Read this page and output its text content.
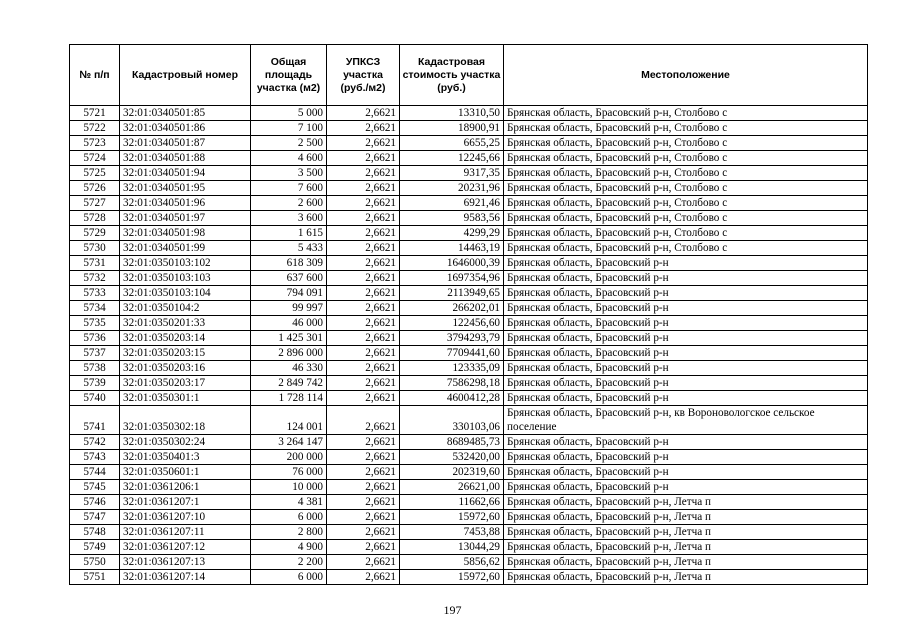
№ п/п	Кадастровый номер	Общая площадь участка (м2)	УПКСЗ участка (руб./м2)	Кадастровая стоимость участка (руб.)	Местоположение
5721	32:01:0340501:85	5 000	2,6621	13310,50	Брянская область, Брасовский р-н, Столбово с
5722	32:01:0340501:86	7 100	2,6621	18900,91	Брянская область, Брасовский р-н, Столбово с
5723	32:01:0340501:87	2 500	2,6621	6655,25	Брянская область, Брасовский р-н, Столбово с
5724	32:01:0340501:88	4 600	2,6621	12245,66	Брянская область, Брасовский р-н, Столбово с
5725	32:01:0340501:94	3 500	2,6621	9317,35	Брянская область, Брасовский р-н, Столбово с
5726	32:01:0340501:95	7 600	2,6621	20231,96	Брянская область, Брасовский р-н, Столбово с
5727	32:01:0340501:96	2 600	2,6621	6921,46	Брянская область, Брасовский р-н, Столбово с
5728	32:01:0340501:97	3 600	2,6621	9583,56	Брянская область, Брасовский р-н, Столбово с
5729	32:01:0340501:98	1 615	2,6621	4299,29	Брянская область, Брасовский р-н, Столбово с
5730	32:01:0340501:99	5 433	2,6621	14463,19	Брянская область, Брасовский р-н, Столбово с
5731	32:01:0350103:102	618 309	2,6621	1646000,39	Брянская область, Брасовский р-н
5732	32:01:0350103:103	637 600	2,6621	1697354,96	Брянская область, Брасовский р-н
5733	32:01:0350103:104	794 091	2,6621	2113949,65	Брянская область, Брасовский р-н
5734	32:01:0350104:2	99 997	2,6621	266202,01	Брянская область, Брасовский р-н
5735	32:01:0350201:33	46 000	2,6621	122456,60	Брянская область, Брасовский р-н
5736	32:01:0350203:14	1 425 301	2,6621	3794293,79	Брянская область, Брасовский р-н
5737	32:01:0350203:15	2 896 000	2,6621	7709441,60	Брянская область, Брасовский р-н
5738	32:01:0350203:16	46 330	2,6621	123335,09	Брянская область, Брасовский р-н
5739	32:01:0350203:17	2 849 742	2,6621	7586298,18	Брянская область, Брасовский р-н
5740	32:01:0350301:1	1 728 114	2,6621	4600412,28	Брянская область, Брасовский р-н
5741	32:01:0350302:18	124 001	2,6621	330103,06	Брянская область, Брасовский р-н, кв Вороновологское сельское поселение
5742	32:01:0350302:24	3 264 147	2,6621	8689485,73	Брянская область, Брасовский р-н
5743	32:01:0350401:3	200 000	2,6621	532420,00	Брянская область, Брасовский р-н
5744	32:01:0350601:1	76 000	2,6621	202319,60	Брянская область, Брасовский р-н
5745	32:01:0361206:1	10 000	2,6621	26621,00	Брянская область, Брасовский р-н
5746	32:01:0361207:1	4 381	2,6621	11662,66	Брянская область, Брасовский р-н, Летча п
5747	32:01:0361207:10	6 000	2,6621	15972,60	Брянская область, Брасовский р-н, Летча п
5748	32:01:0361207:11	2 800	2,6621	7453,88	Брянская область, Брасовский р-н, Летча п
5749	32:01:0361207:12	4 900	2,6621	13044,29	Брянская область, Брасовский р-н, Летча п
5750	32:01:0361207:13	2 200	2,6621	5856,62	Брянская область, Брасовский р-н, Летча п
5751	32:01:0361207:14	6 000	2,6621	15972,60	Брянская область, Брасовский р-н, Летча п
197
